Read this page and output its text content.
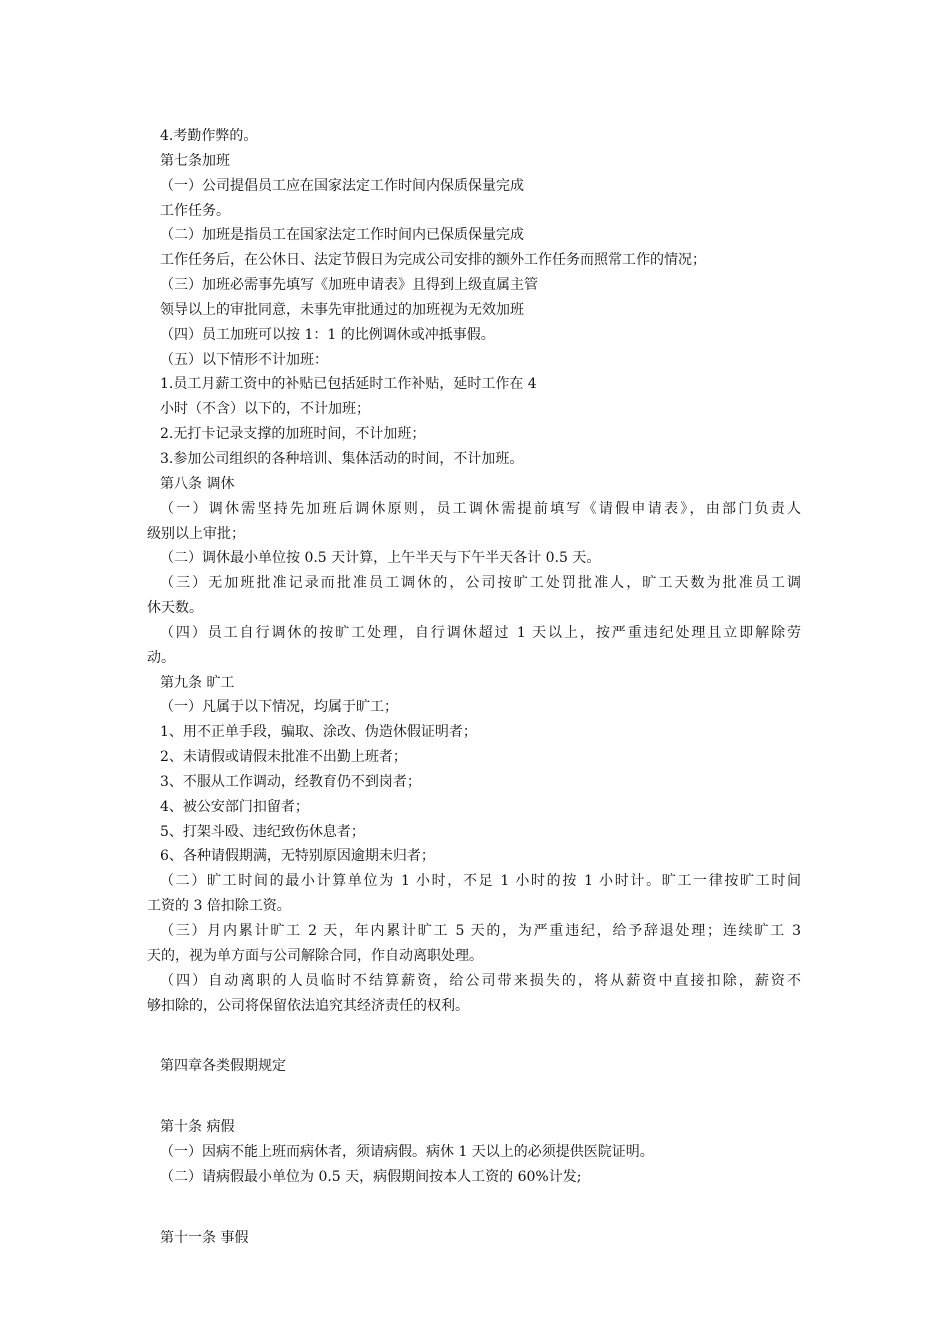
4.考勤作弊的。
第七条加班
（一）公司提倡员工应在国家法定工作时间内保质保量完成
工作任务。
（二）加班是指员工在国家法定工作时间内已保质保量完成
工作任务后，在公休日、法定节假日为完成公司安排的额外工作任务而照常工作的情况；
（三）加班必需事先填写《加班申请表》且得到上级直属主管
领导以上的审批同意，未事先审批通过的加班视为无效加班
（四）员工加班可以按 1：1 的比例调休或冲抵事假。
（五）以下情形不计加班：
1.员工月薪工资中的补贴已包括延时工作补贴，延时工作在 4
小时（不含）以下的，不计加班；
2.无打卡记录支撑的加班时间，不计加班；
3.参加公司组织的各种培训、集体活动的时间，不计加班。
第八条 调休
（一）调休需坚持先加班后调休原则，员工调休需提前填写《请假申请表》，由部门负责人
级别以上审批；
（二）调休最小单位按 0.5 天计算，上午半天与下午半天各计 0.5 天。
（三）无加班批准记录而批准员工调休的，公司按旷工处罚批准人，旷工天数为批准员工调
休天数。
（四）员工自行调休的按旷工处理，自行调休超过 1 天以上，按严重违纪处理且立即解除劳
动。
第九条 旷工
（一）凡属于以下情况，均属于旷工；
1、用不正单手段，骗取、涂改、伪造休假证明者；
2、未请假或请假未批准不出勤上班者；
3、不服从工作调动，经教育仍不到岗者；
4、被公安部门扣留者；
5、打架斗殴、违纪致伤休息者；
6、各种请假期满，无特别原因逾期未归者；
（二）旷工时间的最小计算单位为 1 小时，不足 1 小时的按 1 小时计。旷工一律按旷工时间
工资的 3 倍扣除工资。
（三）月内累计旷工 2 天，年内累计旷工 5 天的，为严重违纪，给予辞退处理；连续旷工 3
天的，视为单方面与公司解除合同，作自动离职处理。
（四）自动离职的人员临时不结算薪资，给公司带来损失的，将从薪资中直接扣除，薪资不
够扣除的，公司将保留依法追究其经济责任的权利。
第四章各类假期规定
第十条 病假
（一）因病不能上班而病休者，须请病假。病休 1 天以上的必须提供医院证明。
（二）请病假最小单位为 0.5 天，病假期间按本人工资的 60%计发;
第十一条 事假
